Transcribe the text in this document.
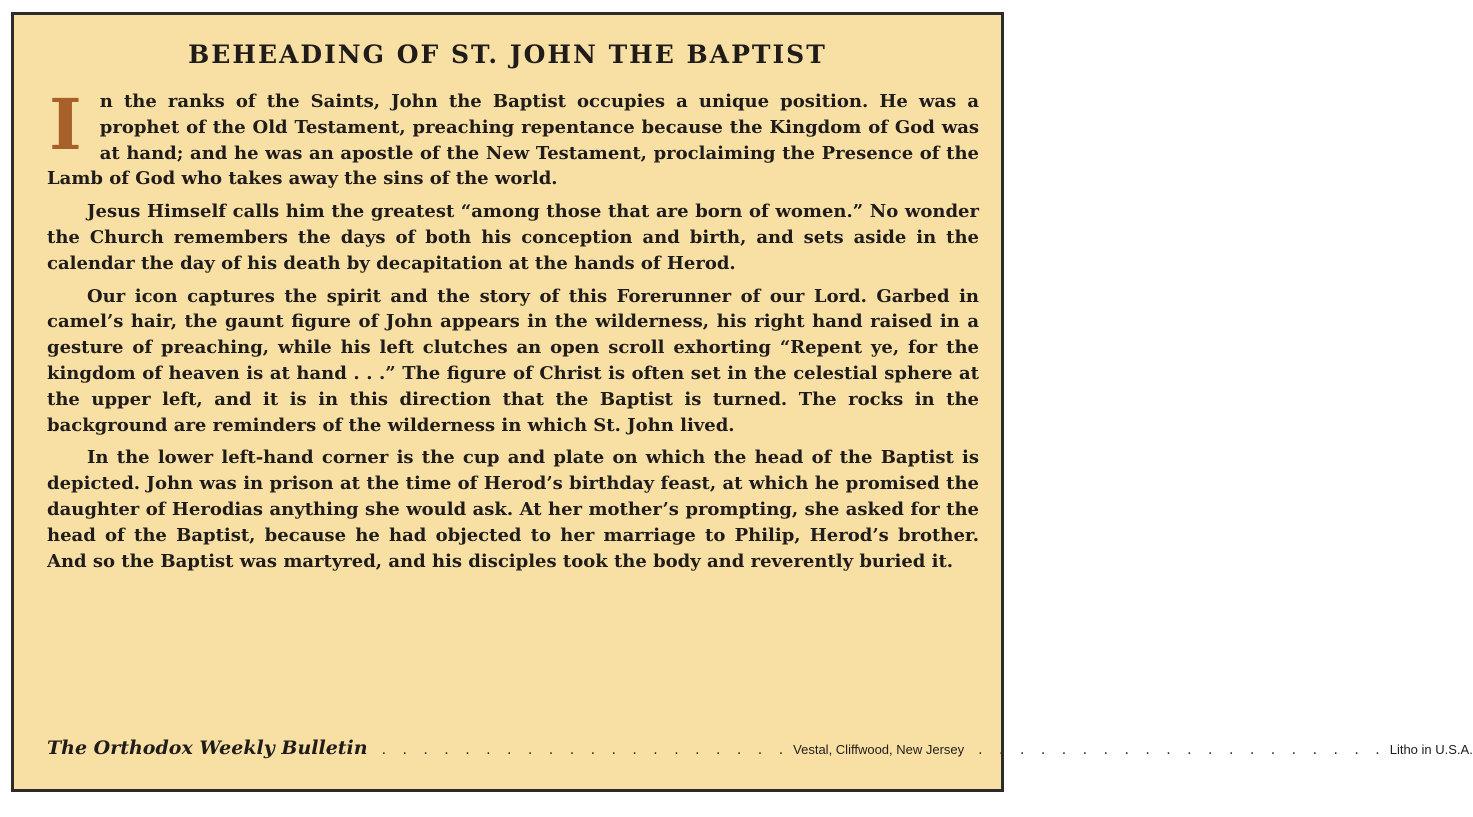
BEHEADING OF ST. JOHN THE BAPTIST

I n the ranks of the Saints, John the Baptist occupies a unique position. He was a prophet of the Old Testament, preaching repentance because the Kingdom of God was at hand; and he was an apostle of the New Testament, proclaiming the Presence of the Lamb of God who takes away the sins of the world.

Jesus Himself calls him the greatest “among those that are born of women.” No wonder the Church remembers the days of both his conception and birth, and sets aside in the calendar the day of his death by decapitation at the hands of Herod.

Our icon captures the spirit and the story of this Forerunner of our Lord. Garbed in camel’s hair, the gaunt figure of John appears in the wilderness, his right hand raised in a gesture of preaching, while his left clutches an open scroll exhorting “Repent ye, for the kingdom of heaven is at hand . . .” The figure of Christ is often set in the celestial sphere at the upper left, and it is in this direction that the Baptist is turned. The rocks in the background are reminders of the wilderness in which St. John lived.

In the lower left-hand corner is the cup and plate on which the head of the Baptist is depicted. John was in prison at the time of Herod’s birthday feast, at which he promised the daughter of Herodias anything she would ask. At her mother’s prompting, she asked for the head of the Baptist, because he had objected to her marriage to Philip, Herod’s brother. And so the Baptist was martyred, and his disciples took the body and reverently buried it.

The Orthodox Weekly Bulletin	. . . . . . . . . . . . . . . . . . . . Vestal, Cliffwood, New Jersey	. . . . . . . . . . . . . . . . . . . . Litho in U.S.A.
